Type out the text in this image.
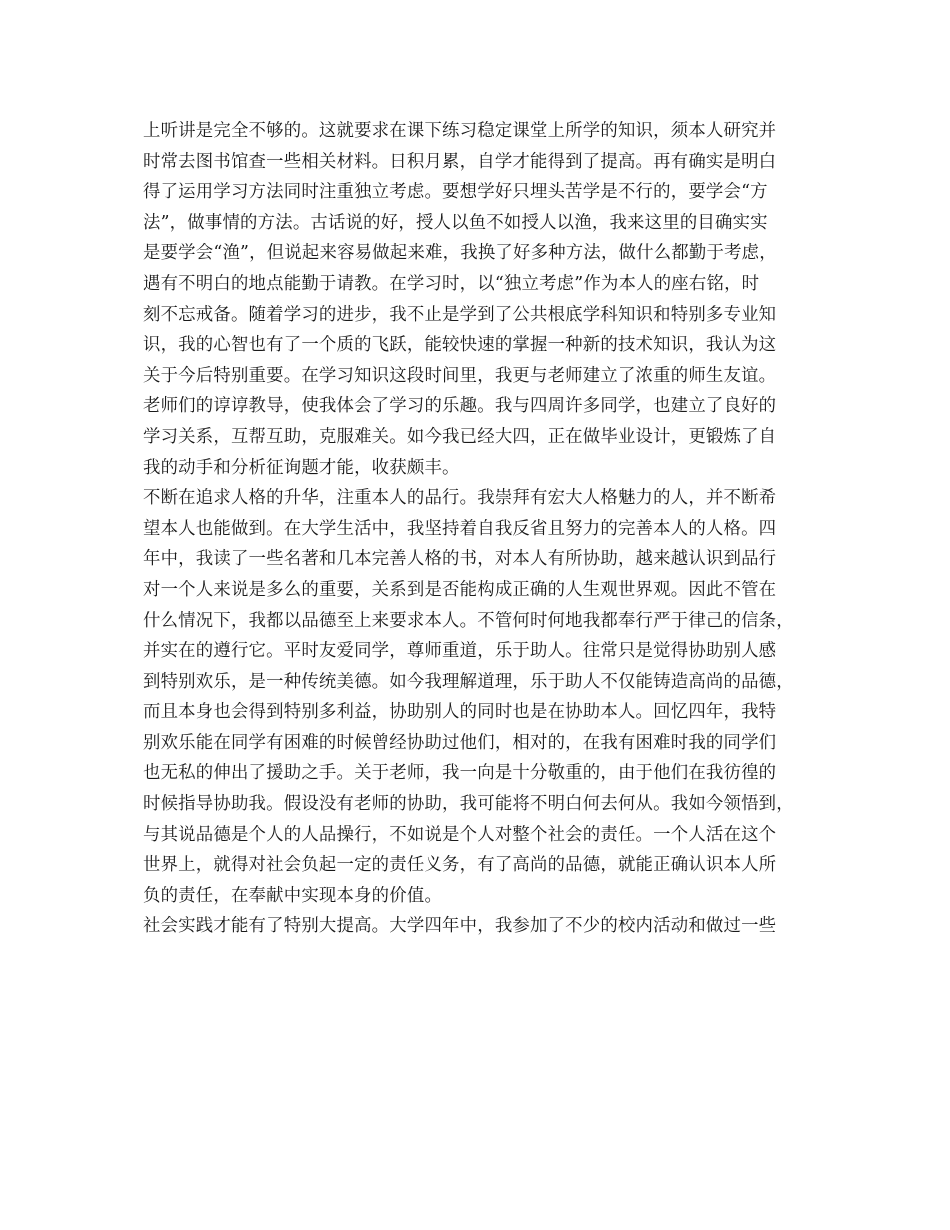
上听讲是完全不够的。这就要求在课下练习稳定课堂上所学的知识，须本人研究并
时常去图书馆查一些相关材料。日积月累，自学才能得到了提高。再有确实是明白
得了运用学习方法同时注重独立考虑。要想学好只埋头苦学是不行的，要学会“方
法”，做事情的方法。古话说的好，授人以鱼不如授人以渔，我来这里的目确实实
是要学会“渔”，但说起来容易做起来难，我换了好多种方法，做什么都勤于考虑，
遇有不明白的地点能勤于请教。在学习时，以“独立考虑”作为本人的座右铭，时
刻不忘戒备。随着学习的进步，我不止是学到了公共根底学科知识和特别多专业知
识，我的心智也有了一个质的飞跃，能较快速的掌握一种新的技术知识，我认为这
关于今后特别重要。在学习知识这段时间里，我更与老师建立了浓重的师生友谊。
老师们的谆谆教导，使我体会了学习的乐趣。我与四周许多同学，也建立了良好的
学习关系，互帮互助，克服难关。如今我已经大四，正在做毕业设计，更锻炼了自
我的动手和分析征询题才能，收获颇丰。
不断在追求人格的升华，注重本人的品行。我崇拜有宏大人格魅力的人，并不断希
望本人也能做到。在大学生活中，我坚持着自我反省且努力的完善本人的人格。四
年中，我读了一些名著和几本完善人格的书，对本人有所协助，越来越认识到品行
对一个人来说是多么的重要，关系到是否能构成正确的人生观世界观。因此不管在
什么情况下，我都以品德至上来要求本人。不管何时何地我都奉行严于律己的信条，
并实在的遵行它。平时友爱同学，尊师重道，乐于助人。往常只是觉得协助别人感
到特别欢乐，是一种传统美德。如今我理解道理，乐于助人不仅能铸造高尚的品德，
而且本身也会得到特别多利益，协助别人的同时也是在协助本人。回忆四年，我特
别欢乐能在同学有困难的时候曾经协助过他们，相对的，在我有困难时我的同学们
也无私的伸出了援助之手。关于老师，我一向是十分敬重的，由于他们在我彷徨的
时候指导协助我。假设没有老师的协助，我可能将不明白何去何从。我如今领悟到，
与其说品德是个人的人品操行，不如说是个人对整个社会的责任。一个人活在这个
世界上，就得对社会负起一定的责任义务，有了高尚的品德，就能正确认识本人所
负的责任，在奉献中实现本身的价值。
社会实践才能有了特别大提高。大学四年中，我参加了不少的校内活动和做过一些
